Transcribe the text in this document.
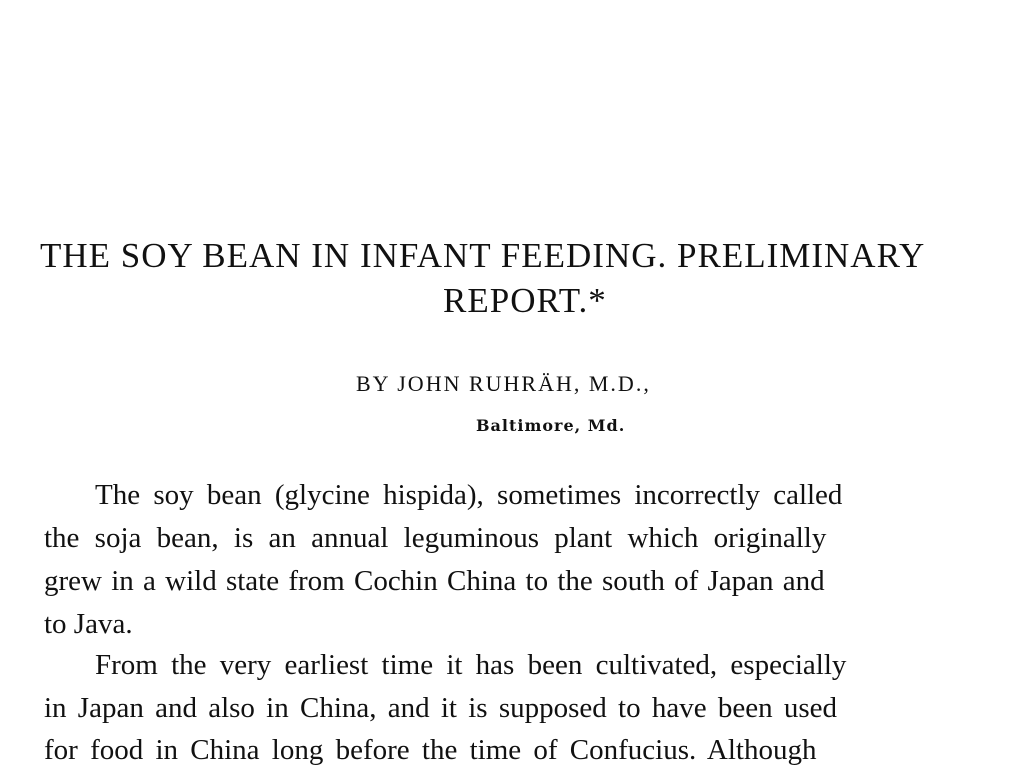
THE SOY BEAN IN INFANT FEEDING. PRELIMINARY
REPORT.*
BY JOHN RUHRÄH, M.D.,
Baltimore, Md.
The soy bean (glycine hispida), sometimes incorrectly called
the soja bean, is an annual leguminous plant which originally
grew in a wild state from Cochin China to the south of Japan and
to Java.
From the very earliest time it has been cultivated, especially
in Japan and also in China, and it is supposed to have been used
for food in China long before the time of Confucius. Although
